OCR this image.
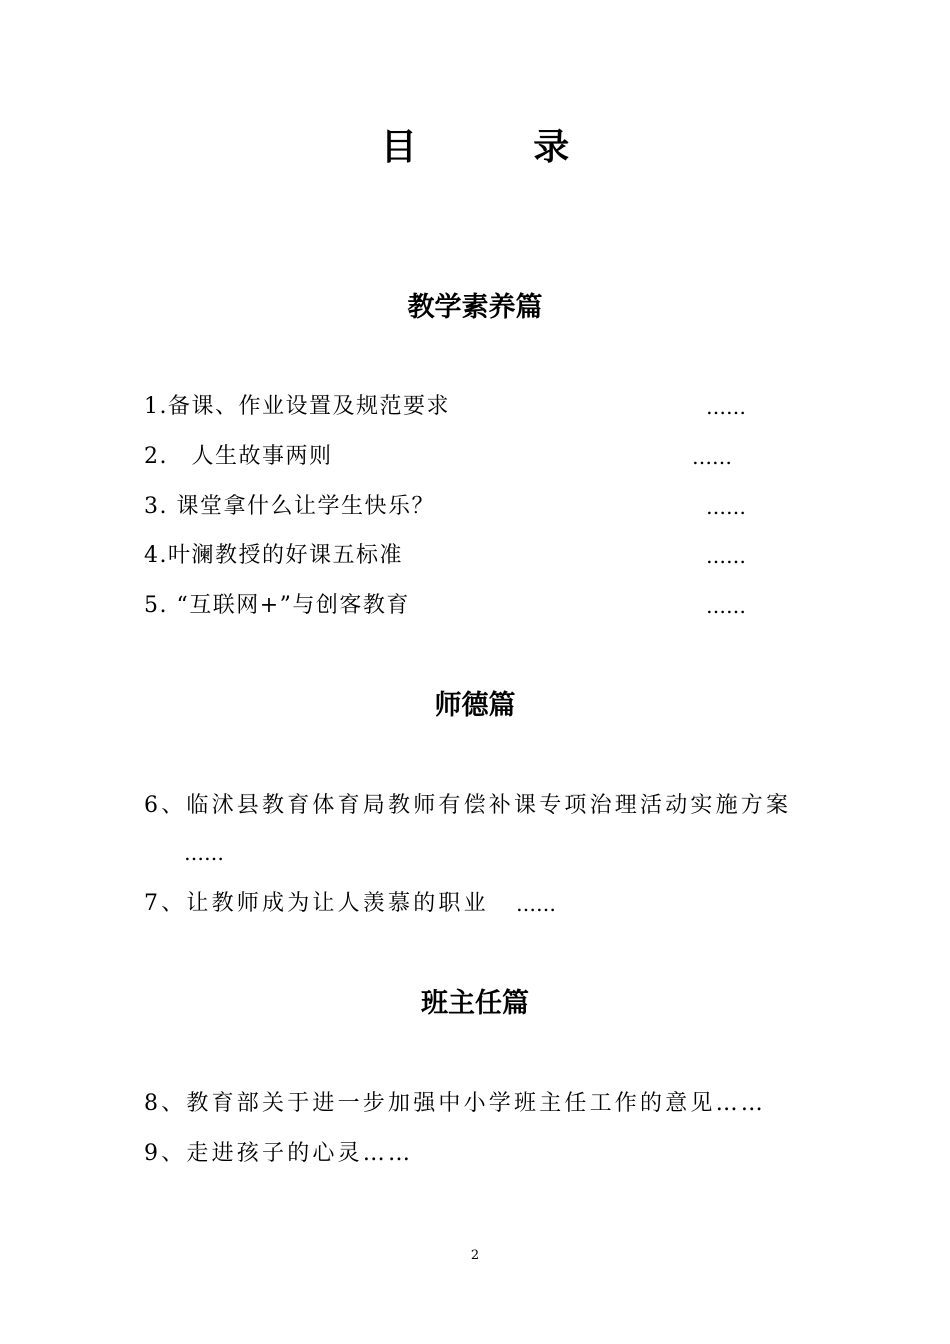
目 录
教学素养篇
1.备课、作业设置及规范要求	……
2.　人生故事两则	……
3. 课堂拿什么让学生快乐？	……
4.叶澜教授的好课五标准	……
5. “互联网+”与创客教育	……
师德篇
6、临沭县教育体育局教师有偿补课专项治理活动实施方案
……
7、让教师成为让人羡慕的职业 ……
班主任篇
8、教育部关于进一步加强中小学班主任工作的意见……
9、走进孩子的心灵……
2
